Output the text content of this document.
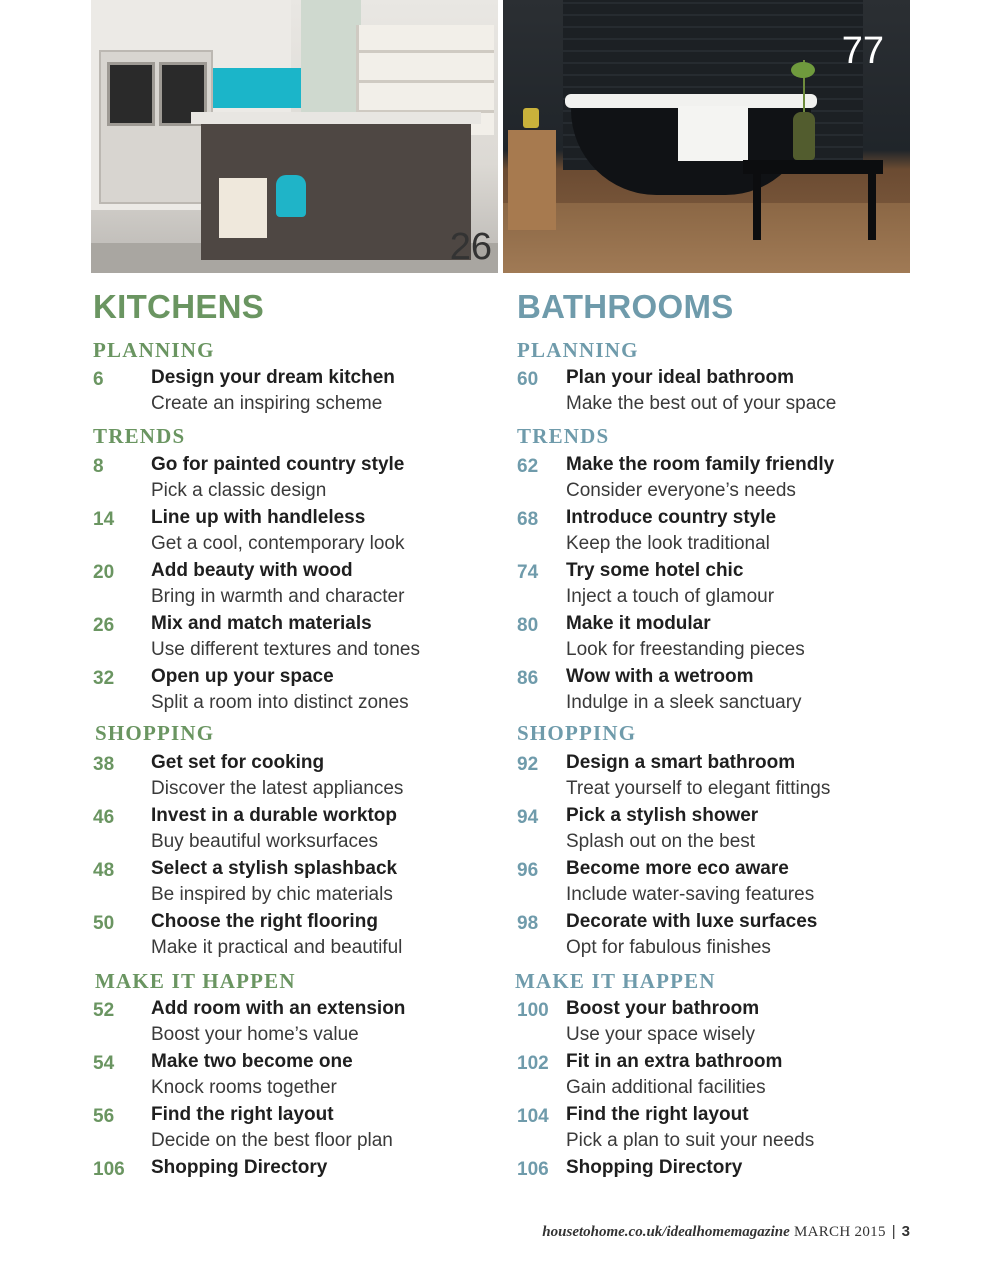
26
77
KITCHENS	BATHROOMS
PLANNING
6 Design your dream kitchen
Create an inspiring scheme
TRENDS
8 Go for painted country style
Pick a classic design
14 Line up with handleless
Get a cool, contemporary look
20 Add beauty with wood
Bring in warmth and character
26 Mix and match materials
Use different textures and tones
32 Open up your space
Split a room into distinct zones
SHOPPING
38 Get set for cooking
Discover the latest appliances
46 Invest in a durable worktop
Buy beautiful worksurfaces
48 Select a stylish splashback
Be inspired by chic materials
50 Choose the right flooring
Make it practical and beautiful
MAKE IT HAPPEN
52 Add room with an extension
Boost your home’s value
54 Make two become one
Knock rooms together
56 Find the right layout
Decide on the best floor plan
106 Shopping Directory
PLANNING
60 Plan your ideal bathroom
Make the best out of your space
TRENDS
62 Make the room family friendly
Consider everyone’s needs
68 Introduce country style
Keep the look traditional
74 Try some hotel chic
Inject a touch of glamour
80 Make it modular
Look for freestanding pieces
86 Wow with a wetroom
Indulge in a sleek sanctuary
SHOPPING
92 Design a smart bathroom
Treat yourself to elegant fittings
94 Pick a stylish shower
Splash out on the best
96 Become more eco aware
Include water-saving features
98 Decorate with luxe surfaces
Opt for fabulous finishes
MAKE IT HAPPEN
100 Boost your bathroom
Use your space wisely
102 Fit in an extra bathroom
Gain additional facilities
104 Find the right layout
Pick a plan to suit your needs
106 Shopping Directory
housetohome.co.uk/idealhomemagazine MARCH 2015 | 3
